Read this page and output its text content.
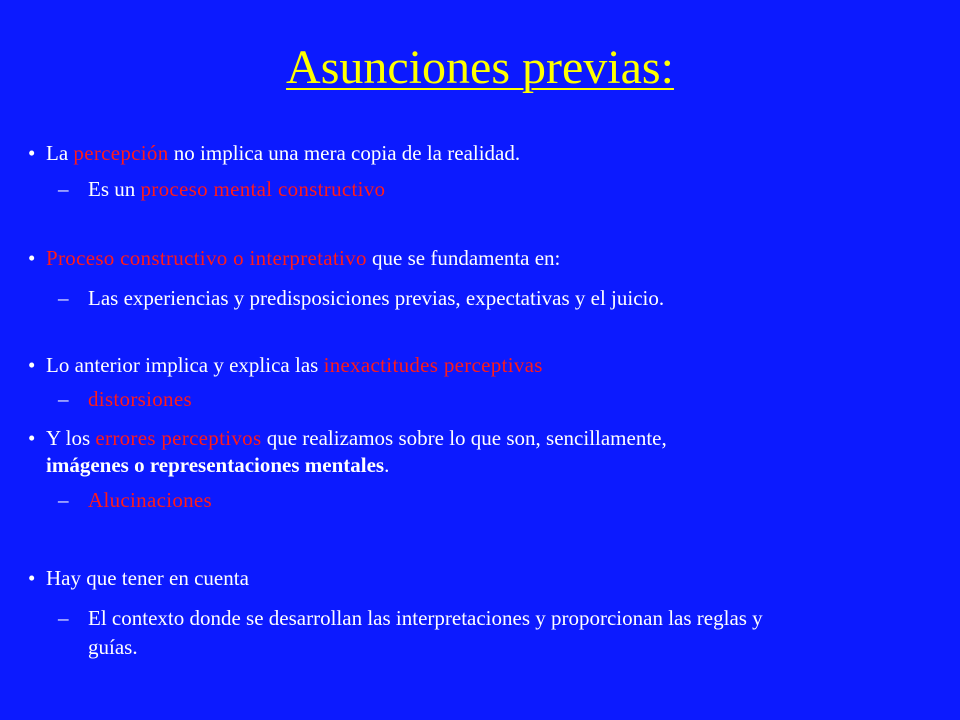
Asunciones previas:
• La percepción no implica una mera copia de la realidad.
– Es un proceso mental constructivo
• Proceso constructivo o interpretativo que se fundamenta en:
– Las experiencias y predisposiciones previas, expectativas y el juicio.
• Lo anterior implica y explica las inexactitudes perceptivas
– distorsiones
• Y los errores perceptivos que realizamos sobre lo que son, sencillamente,
imágenes o representaciones mentales.
– Alucinaciones
• Hay que tener en cuenta
– El contexto donde se desarrollan las interpretaciones y proporcionan las reglas y
guías.
